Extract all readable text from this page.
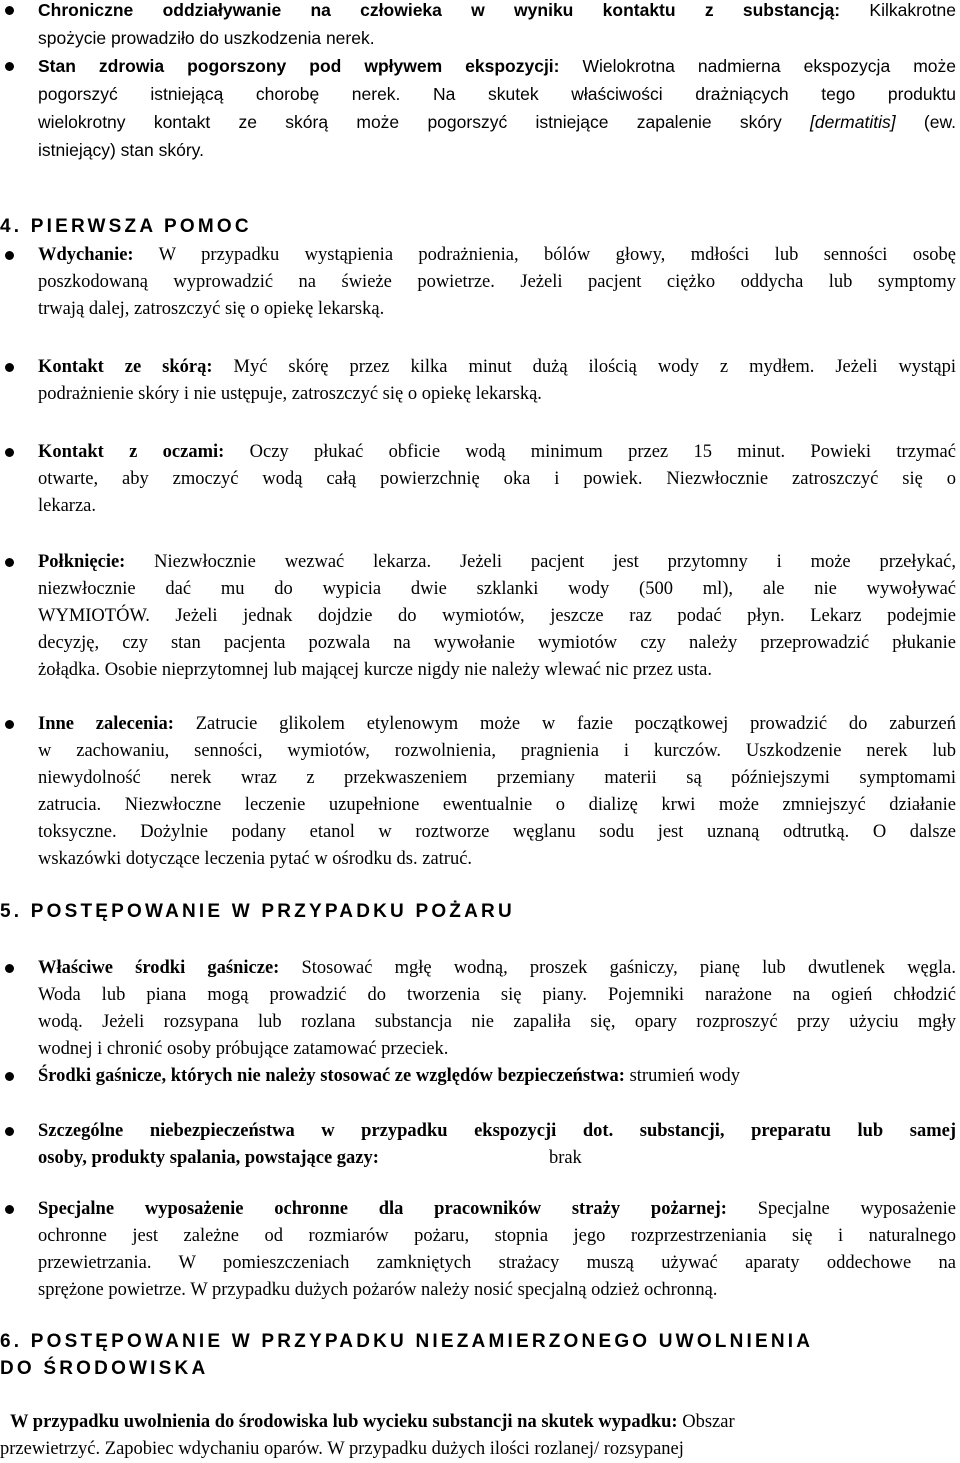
Chroniczne oddziaływanie na człowieka w wyniku kontaktu z substancją: Kilkakrotne
spożycie prowadziło do uszkodzenia nerek.
Stan zdrowia pogorszony pod wpływem ekspozycji: Wielokrotna nadmierna ekspozycja może
pogorszyć istniejącą chorobę nerek. Na skutek właściwości drażniących tego produktu
wielokrotny kontakt ze skórą może pogorszyć istniejące zapalenie skóry [dermatitis] (ew.
istniejący) stan skóry.
4. PIERWSZA POMOC
Wdychanie: W przypadku wystąpienia podrażnienia, bólów głowy, mdłości lub senności osobę
poszkodowaną wyprowadzić na świeże powietrze. Jeżeli pacjent ciężko oddycha lub symptomy
trwają dalej, zatroszczyć się o opiekę lekarską.
Kontakt ze skórą: Myć skórę przez kilka minut dużą ilością wody z mydłem. Jeżeli wystąpi
podrażnienie skóry i nie ustępuje, zatroszczyć się o opiekę lekarską.
Kontakt z oczami: Oczy płukać obficie wodą minimum przez 15 minut. Powieki trzymać
otwarte, aby zmoczyć wodą całą powierzchnię oka i powiek. Niezwłocznie zatroszczyć się o
lekarza.
Połknięcie: Niezwłocznie wezwać lekarza. Jeżeli pacjent jest przytomny i może przełykać,
niezwłocznie dać mu do wypicia dwie szklanki wody (500 ml), ale nie wywoływać
WYMIOTÓW. Jeżeli jednak dojdzie do wymiotów, jeszcze raz podać płyn. Lekarz podejmie
decyzję, czy stan pacjenta pozwala na wywołanie wymiotów czy należy przeprowadzić płukanie
żołądka. Osobie nieprzytomnej lub mającej kurcze nigdy nie należy wlewać nic przez usta.
Inne zalecenia: Zatrucie glikolem etylenowym może w fazie początkowej prowadzić do zaburzeń
w zachowaniu, senności, wymiotów, rozwolnienia, pragnienia i kurczów. Uszkodzenie nerek lub
niewydolność nerek wraz z przekwaszeniem przemiany materii są późniejszymi symptomami
zatrucia. Niezwłoczne leczenie uzupełnione ewentualnie o dializę krwi może zmniejszyć działanie
toksyczne. Dożylnie podany etanol w roztworze węglanu sodu jest uznaną odtrutką. O dalsze
wskazówki dotyczące leczenia pytać w ośrodku ds. zatruć.
5. POSTĘPOWANIE W PRZYPADKU POŻARU
Właściwe środki gaśnicze: Stosować mgłę wodną, proszek gaśniczy, pianę lub dwutlenek węgla.
Woda lub piana mogą prowadzić do tworzenia się piany. Pojemniki narażone na ogień chłodzić
wodą. Jeżeli rozsypana lub rozlana substancja nie zapaliła się, opary rozproszyć przy użyciu mgły
wodnej i chronić osoby próbujące zatamować przeciek.
Środki gaśnicze, których nie należy stosować ze względów bezpieczeństwa: strumień wody
Szczególne niebezpieczeństwa w przypadku ekspozycji dot. substancji, preparatu lub samej
osoby, produkty spalania, powstające gazy:	brak
Specjalne wyposażenie ochronne dla pracowników straży pożarnej: Specjalne wyposażenie
ochronne jest zależne od rozmiarów pożaru, stopnia jego rozprzestrzeniania się i naturalnego
przewietrzania. W pomieszczeniach zamkniętych strażacy muszą używać aparaty oddechowe na
sprężone powietrze. W przypadku dużych pożarów należy nosić specjalną odzież ochronną.
6. POSTĘPOWANIE W PRZYPADKU NIEZAMIERZONEGO UWOLNIENIA
DO ŚRODOWISKA
W przypadku uwolnienia do środowiska lub wycieku substancji na skutek wypadku: Obszar
przewietrzyć. Zapobiec wdychaniu oparów. W przypadku dużych ilości rozlanej/ rozsypanej
